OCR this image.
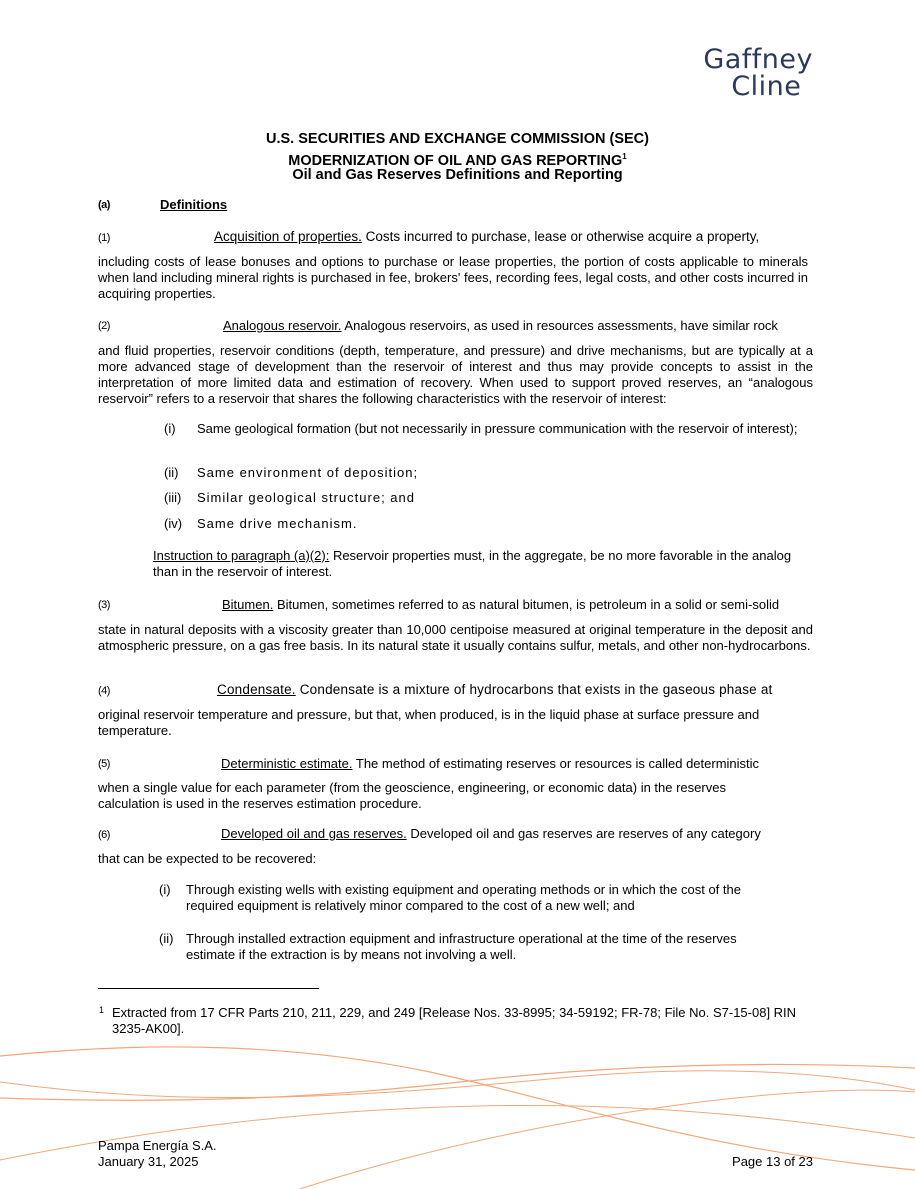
Gaffney
Cline
U.S. SECURITIES AND EXCHANGE COMMISSION (SEC)
MODERNIZATION OF OIL AND GAS REPORTING$^1$
Oil and Gas Reserves Definitions and Reporting
(a)	Definitions
(1)	Acquisition of properties. Costs incurred to purchase, lease or otherwise acquire a property,
including costs of lease bonuses and options to purchase or lease properties, the portion of costs applicable to minerals when land including mineral rights is purchased in fee, brokers' fees, recording fees, legal costs, and other costs incurred in acquiring properties.
(2)	Analogous reservoir. Analogous reservoirs, as used in resources assessments, have similar rock
and fluid properties, reservoir conditions (depth, temperature, and pressure) and drive mechanisms, but are typically at a more advanced stage of development than the reservoir of interest and thus may provide concepts to assist in the interpretation of more limited data and estimation of recovery. When used to support proved reserves, an “analogous reservoir” refers to a reservoir that shares the following characteristics with the reservoir of interest:
(i) Same geological formation (but not necessarily in pressure communication with the reservoir of interest);
(ii) Same environment of deposition;
(iii) Similar geological structure; and
(iv) Same drive mechanism.
Instruction to paragraph (a)(2): Reservoir properties must, in the aggregate, be no more favorable in the analog than in the reservoir of interest.
(3)	Bitumen. Bitumen, sometimes referred to as natural bitumen, is petroleum in a solid or semi-solid
state in natural deposits with a viscosity greater than 10,000 centipoise measured at original temperature in the deposit and atmospheric pressure, on a gas free basis. In its natural state it usually contains sulfur, metals, and other non-hydrocarbons.
(4)	Condensate. Condensate is a mixture of hydrocarbons that exists in the gaseous phase at
original reservoir temperature and pressure, but that, when produced, is in the liquid phase at surface pressure and temperature.
(5)	Deterministic estimate. The method of estimating reserves or resources is called deterministic
when a single value for each parameter (from the geoscience, engineering, or economic data) in the reserves calculation is used in the reserves estimation procedure.
(6)	Developed oil and gas reserves. Developed oil and gas reserves are reserves of any category
that can be expected to be recovered:
(i) Through existing wells with existing equipment and operating methods or in which the cost of the required equipment is relatively minor compared to the cost of a new well; and
(ii) Through installed extraction equipment and infrastructure operational at the time of the reserves estimate if the extraction is by means not involving a well.
1 Extracted from 17 CFR Parts 210, 211, 229, and 249 [Release Nos. 33-8995; 34-59192; FR-78; File No. S7-15-08] RIN 3235-AK00].
Pampa Energía S.A.
January 31, 2025	Page 13 of 23
